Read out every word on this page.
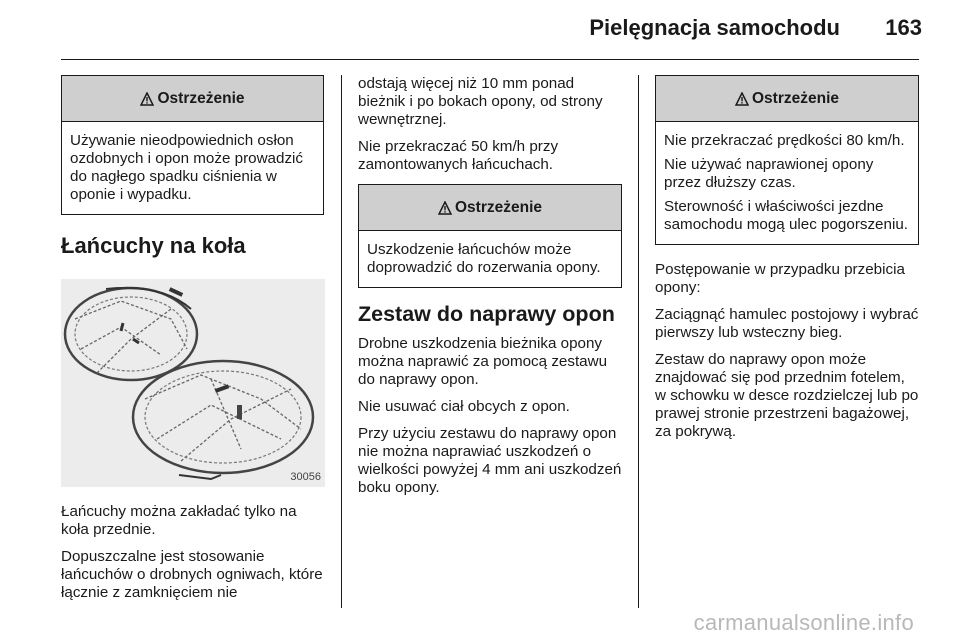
Pielęgnacja samochodu 163
Ostrzeżenie

Używanie nieodpowiednich osłon ozdobnych i opon może prowadzić do nagłego spadku ciśnienia w oponie i wypadku.

Łańcuchy na koła
30056

Łańcuchy można zakładać tylko na koła przednie.

Dopuszczalne jest stosowanie łańcuchów o drobnych ogniwach, które łącznie z zamknięciem nie

odstają więcej niż 10 mm ponad bieżnik i po bokach opony, od strony wewnętrznej.

Nie przekraczać 50 km/h przy zamontowanych łańcuchach.

Ostrzeżenie

Uszkodzenie łańcuchów może doprowadzić do rozerwania opony.

Zestaw do naprawy opon

Drobne uszkodzenia bieżnika opony można naprawić za pomocą zestawu do naprawy opon.

Nie usuwać ciał obcych z opon.

Przy użyciu zestawu do naprawy opon nie można naprawiać uszkodzeń o wielkości powyżej 4 mm ani uszkodzeń boku opony.

Ostrzeżenie

Nie przekraczać prędkości 80 km/h.

Nie używać naprawionej opony przez dłuższy czas.

Sterowność i właściwości jezdne samochodu mogą ulec pogorszeniu.

Postępowanie w przypadku przebicia opony:

Zaciągnąć hamulec postojowy i wybrać pierwszy lub wsteczny bieg.

Zestaw do naprawy opon może znajdować się pod przednim fotelem, w schowku w desce rozdzielczej lub po prawej stronie przestrzeni bagażowej, za pokrywą.

carmanualsonline.info
